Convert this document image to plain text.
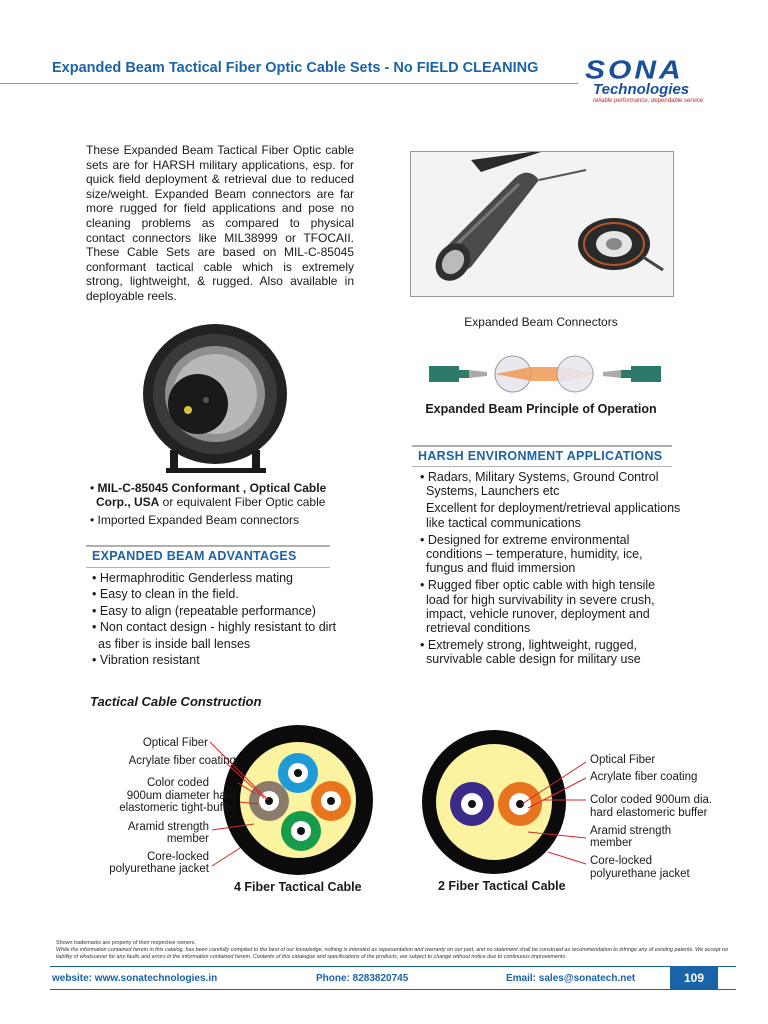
Expanded Beam Tactical Fiber Optic Cable Sets - No FIELD CLEANING SONA
Technologies
reliable performance, dependable service
These Expanded Beam Tactical Fiber Optic cable sets are for HARSH military applications, esp. for quick field deployment & retrieval due to reduced size/weight. Expanded Beam connectors are far more rugged for field applications and pose no cleaning problems as compared to physical contact connectors like MIL38999 or TFOCAII. These Cable Sets are based on MIL-C-85045 conformant tactical cable which is extremely strong, lightweight, & rugged. Also available in deployable reels.
Expanded Beam Connectors
Expanded Beam Principle of Operation
• MIL-C-85045 Conformant , Optical Cable Corp., USA or equivalent Fiber Optic cable
• Imported Expanded Beam connectors
EXPANDED BEAM ADVANTAGES
• Hermaphroditic Genderless mating
• Easy to clean in the field.
• Easy to align (repeatable performance)
• Non contact design - highly resistant to dirt as fiber is inside ball lenses
• Vibration resistant
HARSH ENVIRONMENT APPLICATIONS
• Radars, Military Systems, Ground Control Systems, Launchers etc
Excellent for deployment/retrieval applications like tactical communications
• Designed for extreme environmental conditions – temperature, humidity, ice, fungus and fluid immersion
• Rugged fiber optic cable with high tensile load for high survivability in severe crush, impact, vehicle runover, deployment and retrieval conditions
• Extremely strong, lightweight, rugged, survivable cable design for military use
Tactical Cable Construction
Optical Fiber
Acrylate fiber coating
Color coded
900um diameter hard
elastomeric tight-buffer
Aramid strength
member
Core-locked
polyurethane jacket
Optical Fiber
Acrylate fiber coating
Color coded 900um dia.
hard elastomeric buffer
Aramid strength
member
Core-locked
polyurethane jacket
4 Fiber Tactical Cable	2 Fiber Tactical Cable
Shown trademarks are property of their respective owners.
While the information contained herein in this catalog, has been carefully compiled to the best of our knowledge, nothing is intended as representation and warranty on our part, and no statement shall be construed as recommendation to infringe any of existing patents. We accept no liability of whatsoever for any faults and errors in the information contained herein. Contents of this catalogue and specifications of the products, are subject to change without notice due to continuous improvements.
website: www.sonatechnologies.in	Phone: 8283820745	Email: sales@sonatech.net	109
